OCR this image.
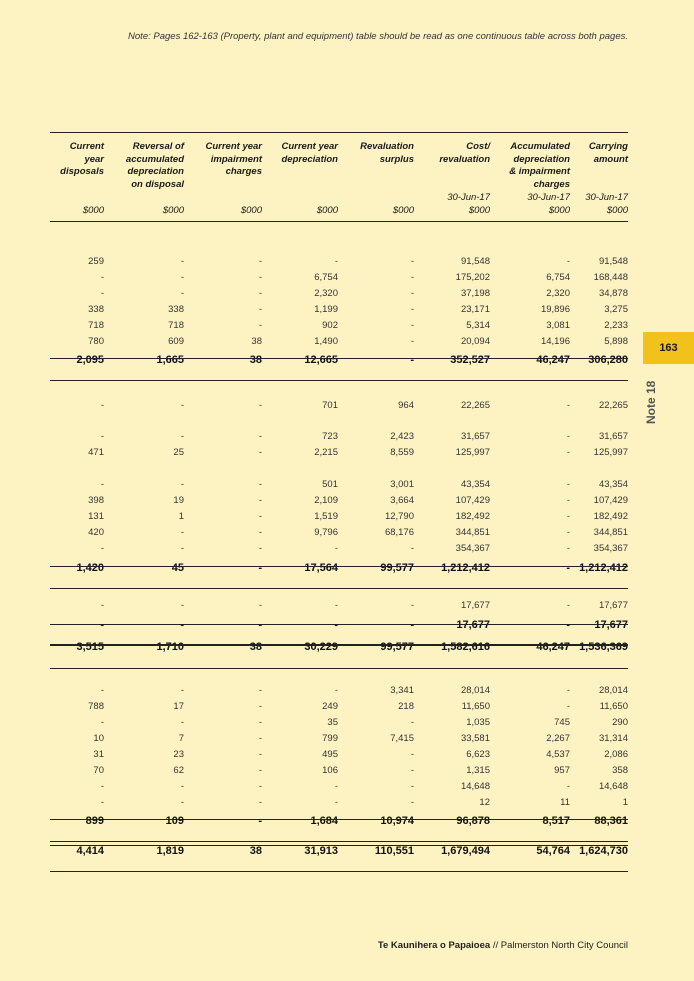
Note: Pages 162-163 (Property, plant and equipment) table should be read as one continuous table across both pages.
Current
year
disposals
$000
Reversal of
accumulated
depreciation
on disposal
$000
Current year
impairment
charges
$000
Current year
depreciation
$000
Revaluation
surplus
$000
Cost/
revaluation
30-Jun-17
$000
Accumulated
depreciation
& impairment
charges
30-Jun-17
$000
Carrying
amount
30-Jun-17
$000
259	-	-	-	-	91,548	-	91,548
-	-	-	6,754	-	175,202	6,754	168,448
-	-	-	2,320	-	37,198	2,320	34,878
338	338	-	1,199	-	23,171	19,896	3,275
718	718	-	902	-	5,314	3,081	2,233
780	609	38	1,490	-	20,094	14,196	5,898
2,095	1,665	38	12,665	-	352,527	46,247	306,280
-	-	-	701	964	22,265	-	22,265
-	-	-	723	2,423	31,657	-	31,657
471	25	-	2,215	8,559	125,997	-	125,997
-	-	-	501	3,001	43,354	-	43,354
398	19	-	2,109	3,664	107,429	-	107,429
131	1	-	1,519	12,790	182,492	-	182,492
420	-	-	9,796	68,176	344,851	-	344,851
-	-	-	-	-	354,367	-	354,367
1,420	45	-	17,564	99,577	1,212,412	- 1,212,412
-	-	-	-	-	17,677	-	17,677
-	-	-	-	-	17,677	-	17,677
3,515	1,710	38	30,229	99,577	1,582,616	46,247 1,536,369
-	-	-	-	3,341	28,014	-	28,014
788	17	-	249	218	11,650	-	11,650
-	-	-	35	-	1,035	745	290
10	7	-	799	7,415	33,581	2,267	31,314
31	23	-	495	-	6,623	4,537	2,086
70	62	-	106	-	1,315	957	358
-	-	-	-	-	14,648	-	14,648
-	-	-	-	-	12	11	1
899	109	-	1,684	10,974	96,878	8,517	88,361
4,414	1,819	38	31,913	110,551	1,679,494	54,764 1,624,730
163
Note 18
Te Kaunihera o Papaioea // Palmerston North City Council
